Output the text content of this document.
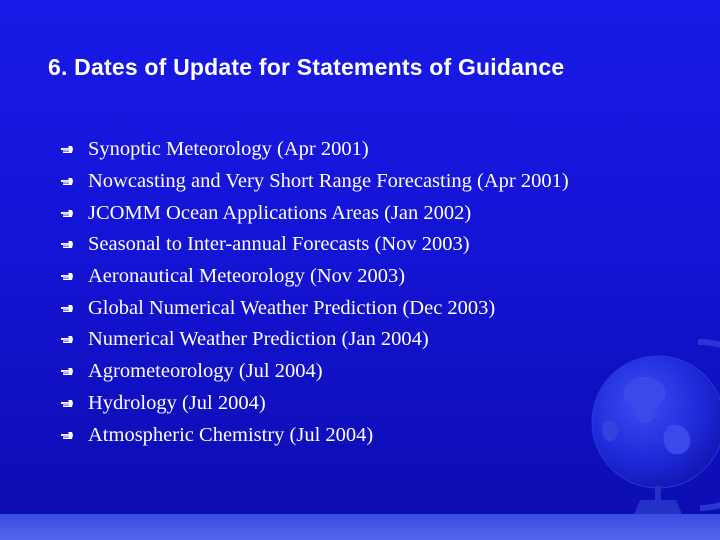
6. Dates of Update for Statements of Guidance
Synoptic Meteorology (Apr 2001)
Nowcasting and Very Short Range Forecasting (Apr 2001)
JCOMM Ocean Applications Areas (Jan 2002)
Seasonal to Inter-annual Forecasts (Nov 2003)
Aeronautical Meteorology (Nov 2003)
Global Numerical Weather Prediction (Dec 2003)
Numerical Weather Prediction (Jan 2004)
Agrometeorology (Jul 2004)
Hydrology (Jul 2004)
Atmospheric Chemistry (Jul 2004)
